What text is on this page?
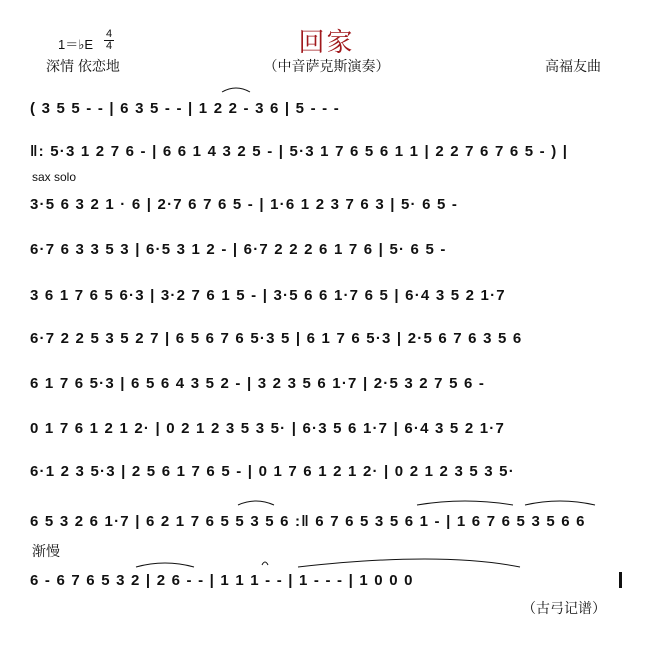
回家
1＝♭E
4
4
深情 依恋地	（中音萨克斯演奏）	高福友曲
( 3 5 5 - - | 6 3 5 - - | 1 2 2 - 3 6 | 5 - - -
‖: 5·3 1 2 7 6 - | 6 6 1 4 3 2 5 - | 5·3 1 7 6 5 6 1 1 | 2 2 7 6 7 6 5 - ) |
sax solo
3·5 6 3 2 1 · 6 | 2·7 6 7 6 5 - | 1·6 1 2 3 7 6 3 | 5· 6 5 -
6·7 6 3 3 5 3 | 6·5 3 1 2 - | 6·7 2 2 2 6 1 7 6 | 5· 6 5 -
3 6 1 7 6 5 6·3 | 3·2 7 6 1 5 - | 3·5 6 6 1·7 6 5 | 6·4 3 5 2 1·7
6·7 2 2 5 3 5 2 7 | 6 5 6 7 6 5·3 5 | 6 1 7 6 5·3 | 2·5 6 7 6 3 5 6
6 1 7 6 5·3 | 6 5 6 4 3 5 2 - | 3 2 3 5 6 1·7 | 2·5 3 2 7 5 6 -
0 1 7 6 1 2 1 2· | 0 2 1 2 3 5 3 5· | 6·3 5 6 1·7 | 6·4 3 5 2 1·7
6·1 2 3 5·3 | 2 5 6 1 7 6 5 - | 0 1 7 6 1 2 1 2· | 0 2 1 2 3 5 3 5·
6 5 3 2 6 1·7 | 6 2 1 7 6 5 5 3 5 6 :‖ 6 7 6 5 3 5 6 1 - | 1 6 7 6 5 3 5 6 6
渐慢
6 - 6 7 6 5 3 2 | 2 6 - - | 1 1 1 - - | 1 - - - | 1 0 0 0
（古弓记谱）
